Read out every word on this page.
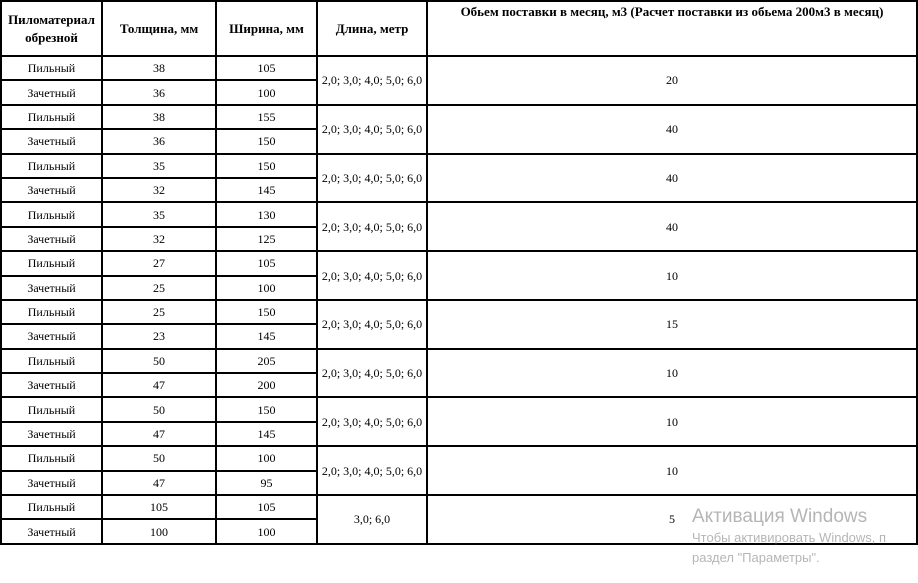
Пиломатериал обрезной	Толщина, мм	Ширина, мм	Длина, метр	Обьем поставки в месяц, м3 (Расчет поставки из обьема 200м3 в месяц)
Пильный	38	105	2,0; 3,0; 4,0; 5,0; 6,0	20
Зачетный	36	100		
Пильный	38	155	2,0; 3,0; 4,0; 5,0; 6,0	40
Зачетный	36	150		
Пильный	35	150	2,0; 3,0; 4,0; 5,0; 6,0	40
Зачетный	32	145		
Пильный	35	130	2,0; 3,0; 4,0; 5,0; 6,0	40
Зачетный	32	125		
Пильный	27	105	2,0; 3,0; 4,0; 5,0; 6,0	10
Зачетный	25	100		
Пильный	25	150	2,0; 3,0; 4,0; 5,0; 6,0	15
Зачетный	23	145		
Пильный	50	205	2,0; 3,0; 4,0; 5,0; 6,0	10
Зачетный	47	200		
Пильный	50	150	2,0; 3,0; 4,0; 5,0; 6,0	10
Зачетный	47	145		
Пильный	50	100	2,0; 3,0; 4,0; 5,0; 6,0	10
Зачетный	47	95		
Пильный	105	105	3,0; 6,0	5
Зачетный	100	100		
Активация Windows
Чтобы активировать Windows, п
раздел "Параметры".
